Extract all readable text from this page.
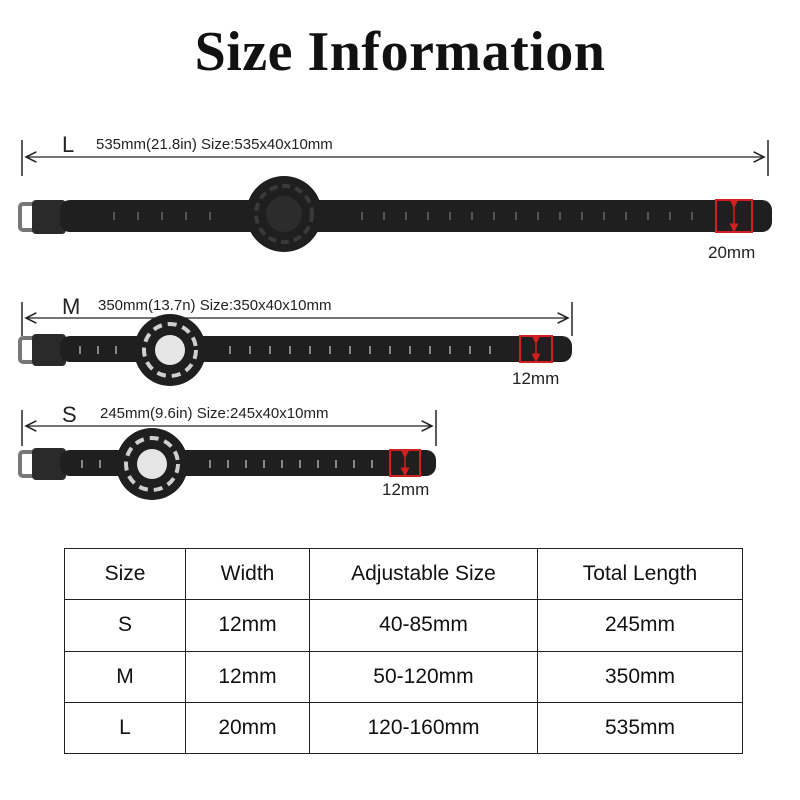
Size Information
L 535mm(21.8in) Size:535x40x10mm
20mm
M 350mm(13.7n) Size:350x40x10mm
12mm
S 245mm(9.6in) Size:245x40x10mm
12mm
Size	Width	Adjustable Size	Total Length
S	12mm	40-85mm	245mm
M	12mm	50-120mm	350mm
L	20mm	120-160mm	535mm
